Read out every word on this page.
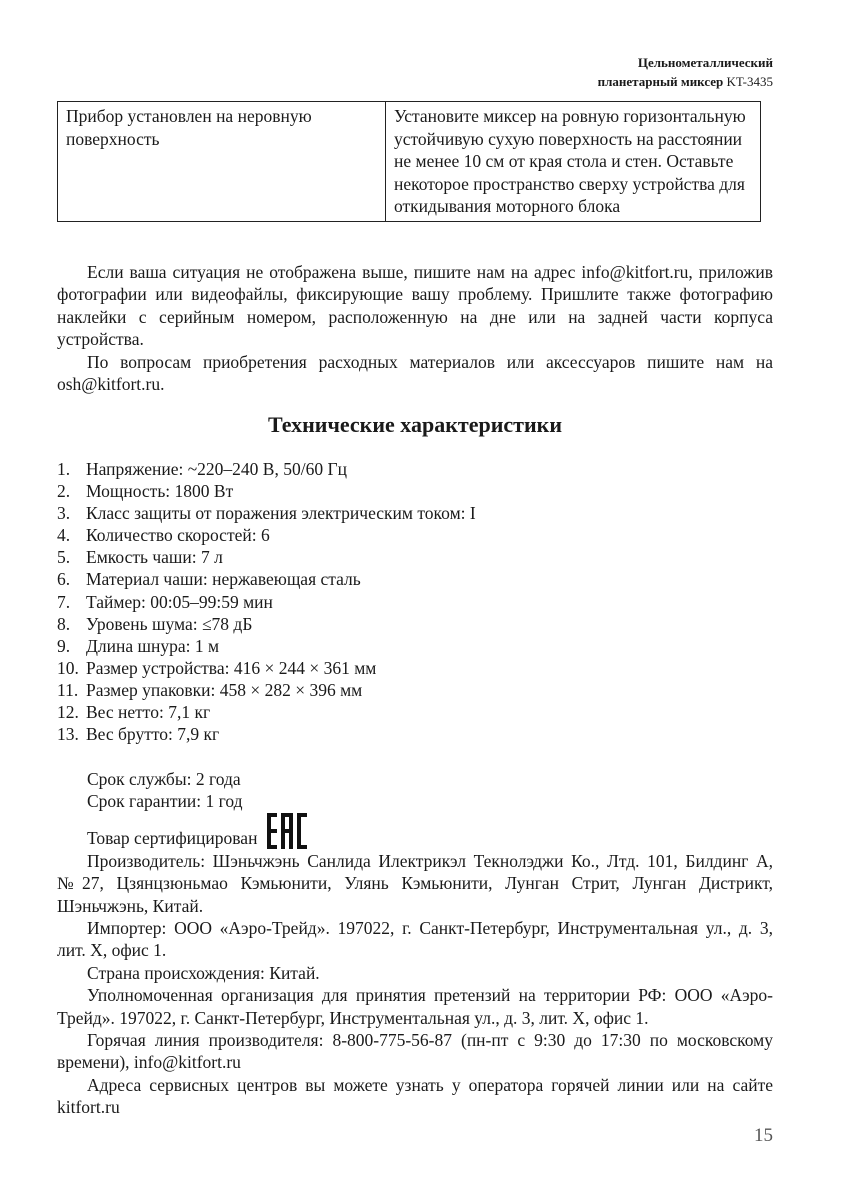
Цельнометаллический
планетарный миксер KT-3435
Прибор установлен на неровную поверхность	Установите миксер на ровную горизонтальную устойчивую сухую поверхность на расстоянии не менее 10 см от края стола и стен. Оставьте некоторое пространство сверху устройства для откидывания моторного блока

Если ваша ситуация не отображена выше, пишите нам на адрес info@kitfort.ru, приложив фотографии или видеофайлы, фиксирующие вашу проблему. Пришлите также фотографию наклейки с серийным номером, расположенную на дне или на задней части корпуса устройства.

По вопросам приобретения расходных материалов или аксессуаров пишите нам на osh@kitfort.ru.

Технические характеристики
1. Напряжение: ~220–240 В, 50/60 Гц
2. Мощность: 1800 Вт
3. Класс защиты от поражения электрическим током: I
4. Количество скоростей: 6
5. Емкость чаши: 7 л
6. Материал чаши: нержавеющая сталь
7. Таймер: 00:05–99:59 мин
8. Уровень шума: ≤78 дБ
9. Длина шнура: 1 м
10. Размер устройства: 416 × 244 × 361 мм
11. Размер упаковки: 458 × 282 × 396 мм
12. Вес нетто: 7,1 кг
13. Вес брутто: 7,9 кг

Срок службы: 2 года

Срок гарантии: 1 год

Товар сертифицирован

Производитель: Шэньчжэнь Санлида Илектрикэл Текнолэджи Ко., Лтд. 101, Билдинг A, №27, Цзянцзюньмао Кэмьюнити, Улянь Кэмьюнити, Лунган Стрит, Лунган Дистрикт, Шэньчжэнь, Китай.

Импортер: ООО «Аэро-Трейд». 197022, г. Санкт-Петербург, Инструментальная ул., д. 3, лит. Х, офис 1.

Страна происхождения: Китай.

Уполномоченная организация для принятия претензий на территории РФ: ООО «Аэро-Трейд». 197022, г. Санкт-Петербург, Инструментальная ул., д. 3, лит. Х, офис 1.

Горячая линия производителя: 8-800-775-56-87 (пн-пт с 9:30 до 17:30 по московскому времени), info@kitfort.ru

Адреса сервисных центров вы можете узнать у оператора горячей линии или на сайте kitfort.ru

15
